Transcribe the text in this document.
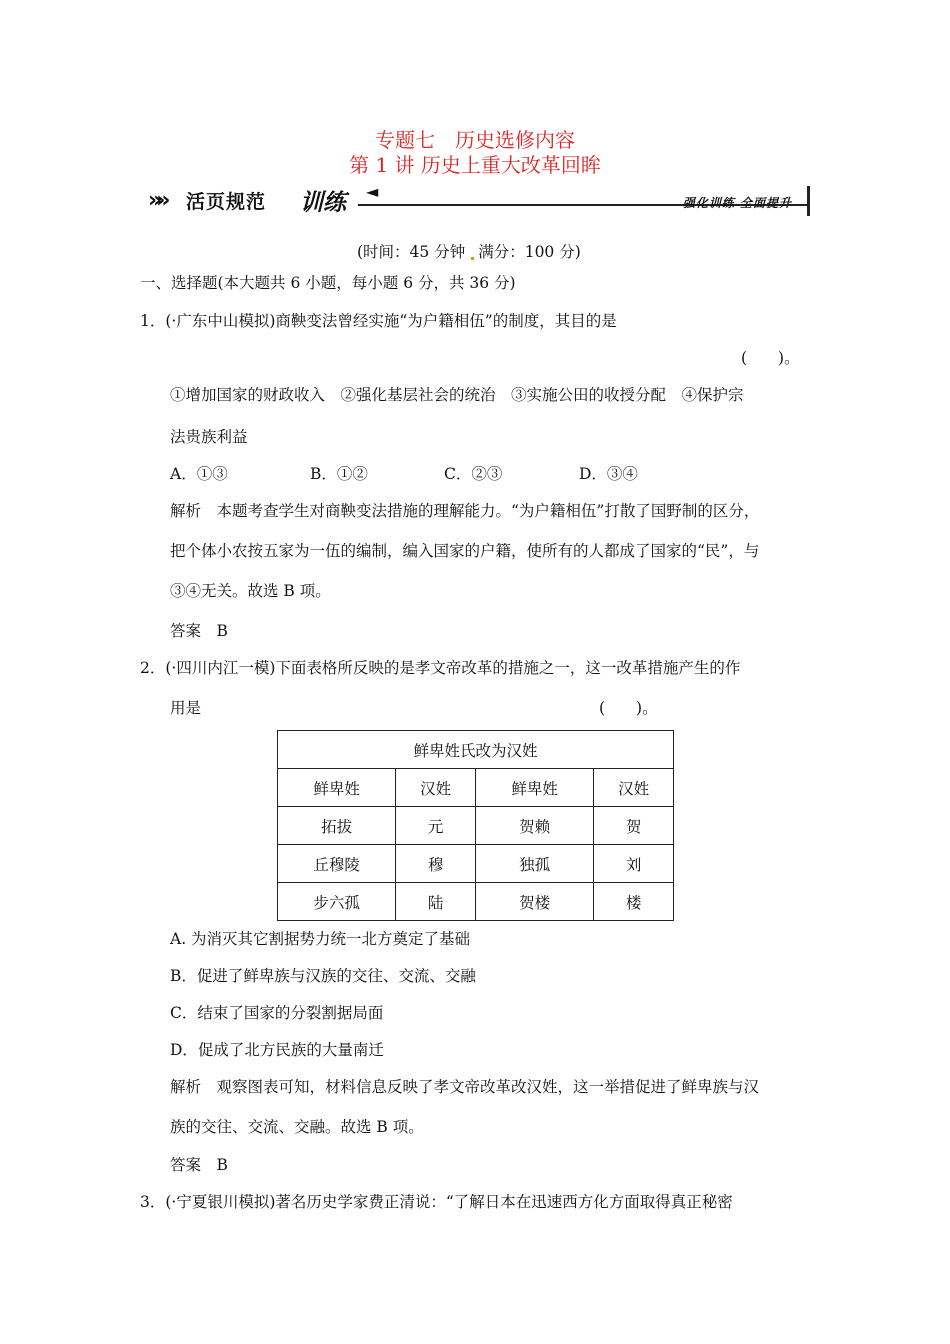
专题七　历史选修内容
第 1 讲 历史上重大改革回眸
»» 活页规范 训练 ◄
强化训练 全面提升
(时间：45 分钟 满分：100 分)
一、选择题(本大题共 6 小题，每小题 6 分，共 36 分)
1．(·广东中山模拟)商鞅变法曾经实施“为户籍相伍”的制度，其目的是
(　　)。
①增加国家的财政收入　②强化基层社会的统治　③实施公田的收授分配　④保护宗
法贵族利益
A．①③	B．①②	C．②③	D．③④
解析　本题考查学生对商鞅变法措施的理解能力。“为户籍相伍”打散了国野制的区分，
把个体小农按五家为一伍的编制，编入国家的户籍，使所有的人都成了国家的“民”，与
③④无关。故选 B 项。
答案　B
2．(·四川内江一模)下面表格所反映的是孝文帝改革的措施之一，这一改革措施产生的作
用是	(　　)。
鲜卑姓氏改为汉姓			
鲜卑姓	汉姓	鲜卑姓	汉姓
拓拔	元	贺赖	贺
丘穆陵	穆	独孤	刘
步六孤	陆	贺楼	楼
A. 为消灭其它割据势力统一北方奠定了基础
B．促进了鲜卑族与汉族的交往、交流、交融
C．结束了国家的分裂割据局面
D．促成了北方民族的大量南迁
解析　观察图表可知，材料信息反映了孝文帝改革改汉姓，这一举措促进了鲜卑族与汉
族的交往、交流、交融。故选 B 项。
答案　B
3．(·宁夏银川模拟)著名历史学家费正清说：“了解日本在迅速西方化方面取得真正秘密
